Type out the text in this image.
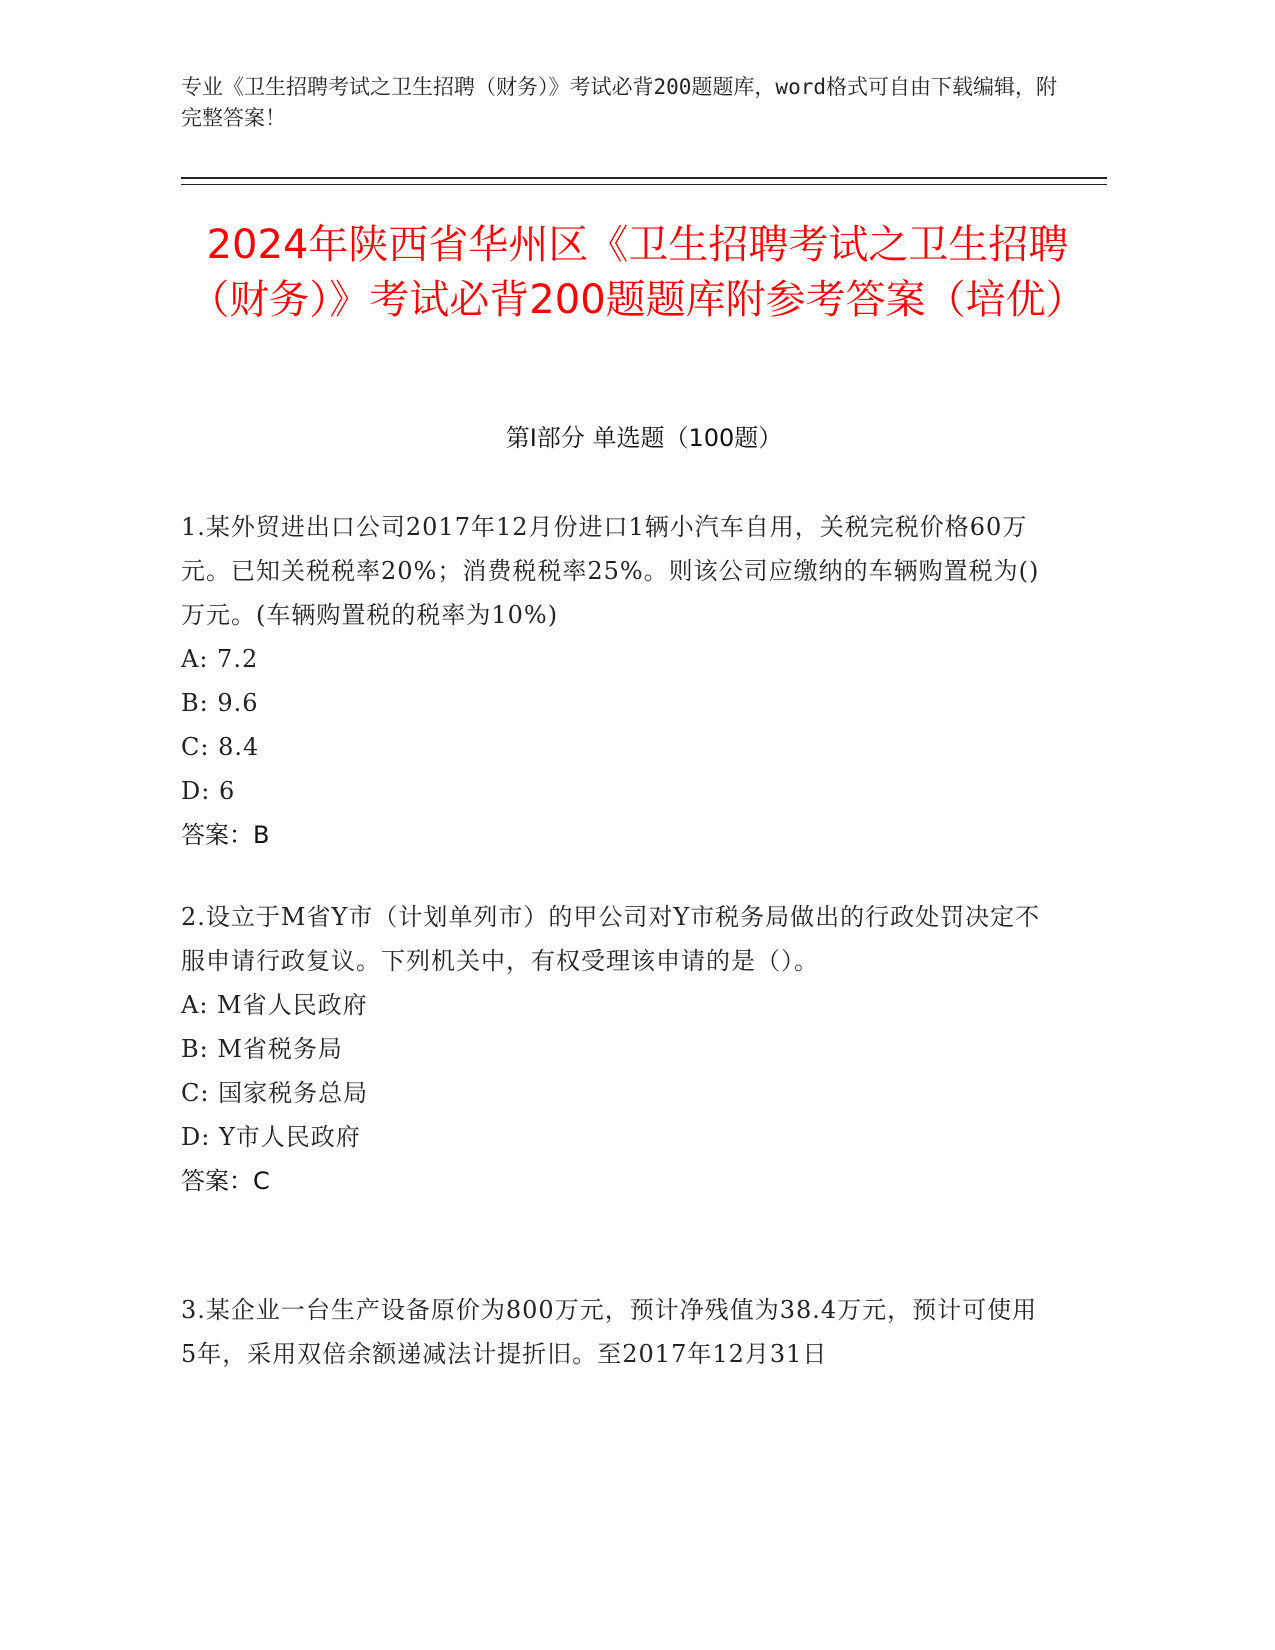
专业《卫生招聘考试之卫生招聘（财务）》考试必背200题题库，word格式可自由下载编辑，附完整答案！
2024年陕西省华州区《卫生招聘考试之卫生招聘（财务）》考试必背200题题库附参考答案（培优）
第I部分 单选题（100题）
1.某外贸进出口公司2017年12月份进口1辆小汽车自用，关税完税价格60万元。已知关税税率20%；消费税税率25%。则该公司应缴纳的车辆购置税为()万元。(车辆购置税的税率为10%)
A: 7.2
B: 9.6
C: 8.4
D: 6
答案：B
2.设立于M省Y市（计划单列市）的甲公司对Y市税务局做出的行政处罚决定不服申请行政复议。下列机关中，有权受理该申请的是（）。
A: M省人民政府
B: M省税务局
C: 国家税务总局
D: Y市人民政府
答案：C
3.某企业一台生产设备原价为800万元，预计净残值为38.4万元，预计可使用5年，采用双倍余额递减法计提折旧。至2017年12月31日
